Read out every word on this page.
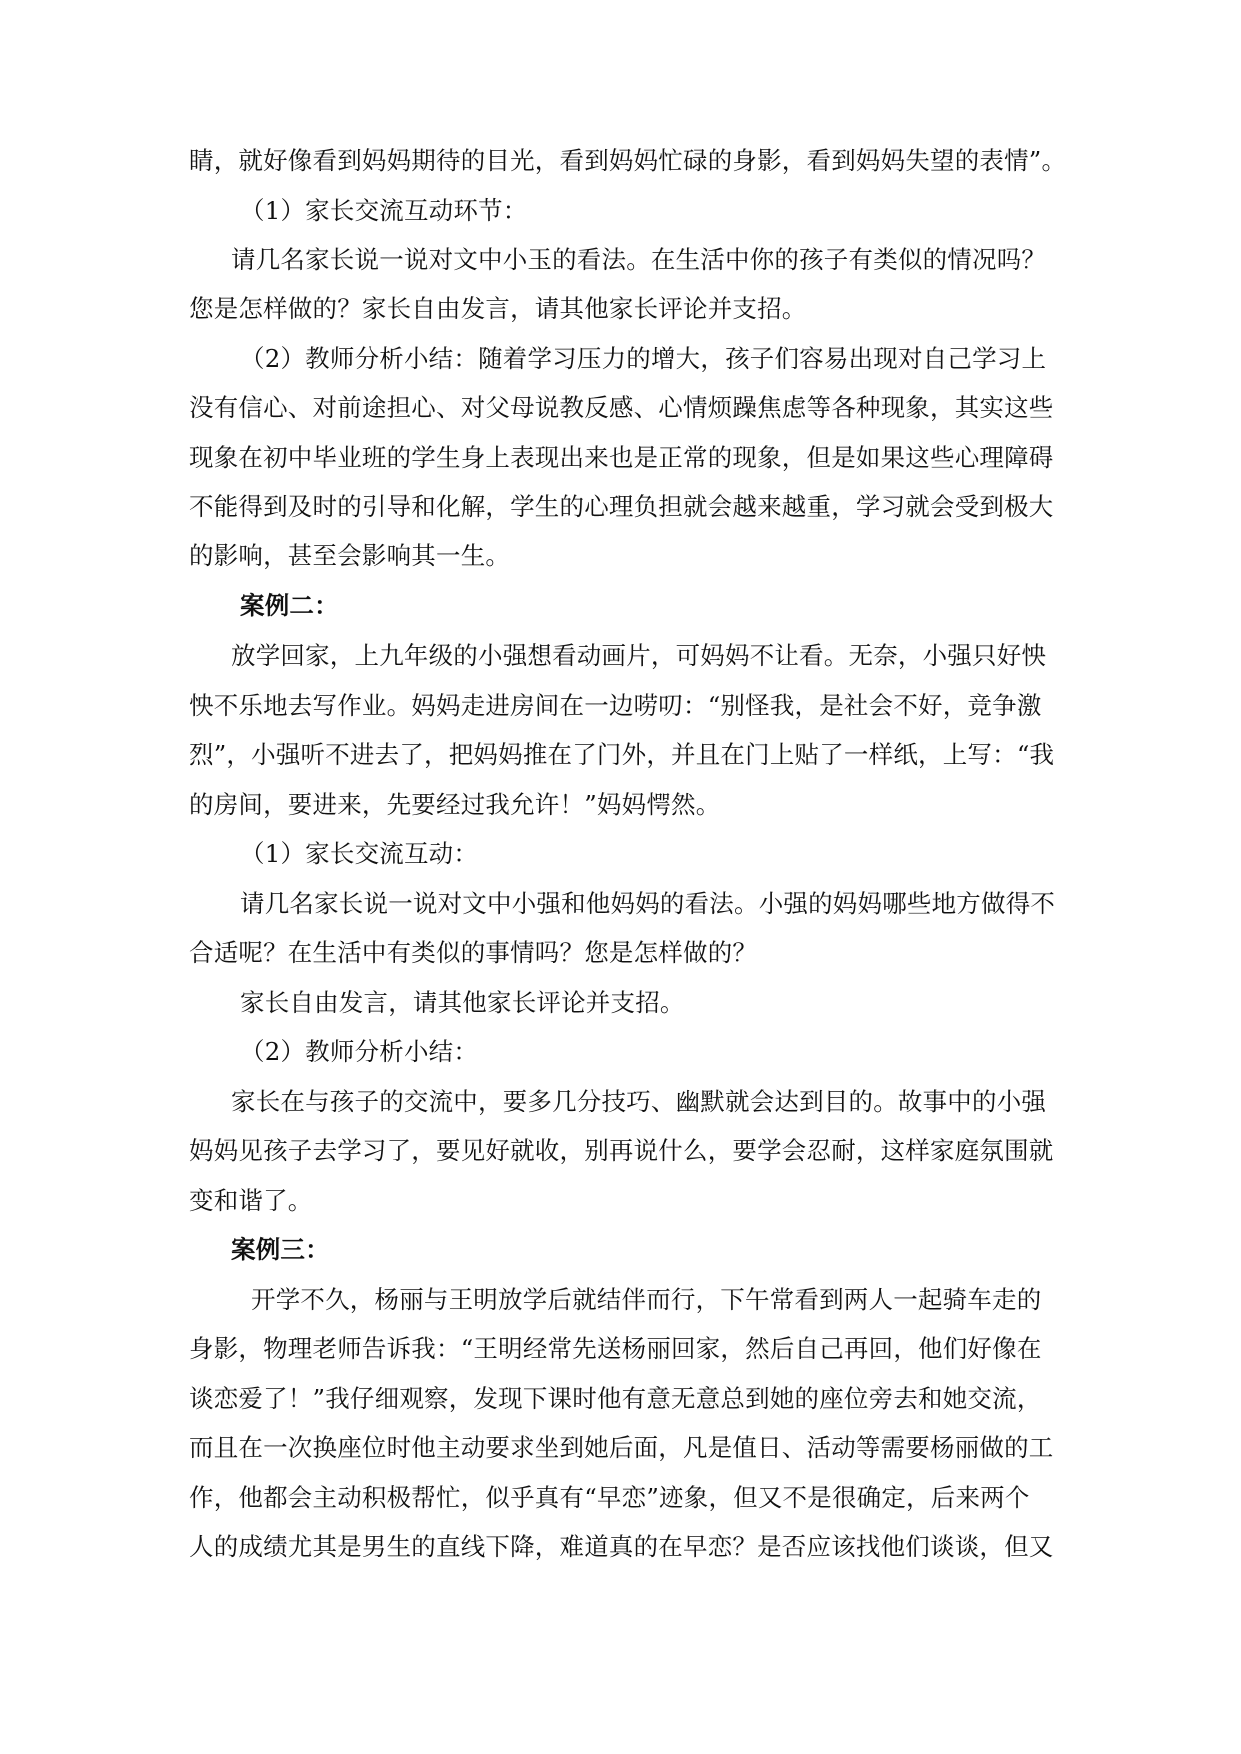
睛，就好像看到妈妈期待的目光，看到妈妈忙碌的身影，看到妈妈失望的表情”。
（1）家长交流互动环节：
请几名家长说一说对文中小玉的看法。在生活中你的孩子有类似的情况吗？
您是怎样做的？家长自由发言，请其他家长评论并支招。
（2）教师分析小结：随着学习压力的增大，孩子们容易出现对自己学习上
没有信心、对前途担心、对父母说教反感、心情烦躁焦虑等各种现象，其实这些
现象在初中毕业班的学生身上表现出来也是正常的现象，但是如果这些心理障碍
不能得到及时的引导和化解，学生的心理负担就会越来越重，学习就会受到极大
的影响，甚至会影响其一生。
案例二：
放学回家，上九年级的小强想看动画片，可妈妈不让看。无奈，小强只好怏
怏不乐地去写作业。妈妈走进房间在一边唠叨：“别怪我，是社会不好，竞争激
烈”，小强听不进去了，把妈妈推在了门外，并且在门上贴了一样纸，上写：“我
的房间，要进来，先要经过我允许！”妈妈愕然。
（1）家长交流互动：
请几名家长说一说对文中小强和他妈妈的看法。小强的妈妈哪些地方做得不
合适呢？在生活中有类似的事情吗？您是怎样做的？
家长自由发言，请其他家长评论并支招。
（2）教师分析小结：
家长在与孩子的交流中，要多几分技巧、幽默就会达到目的。故事中的小强
妈妈见孩子去学习了，要见好就收，别再说什么，要学会忍耐，这样家庭氛围就
变和谐了。
案例三：
开学不久，杨丽与王明放学后就结伴而行，下午常看到两人一起骑车走的
身影，物理老师告诉我：“王明经常先送杨丽回家，然后自己再回，他们好像在
谈恋爱了！”我仔细观察，发现下课时他有意无意总到她的座位旁去和她交流，
而且在一次换座位时他主动要求坐到她后面，凡是值日、活动等需要杨丽做的工
作，他都会主动积极帮忙，似乎真有“早恋”迹象，但又不是很确定，后来两个
人的成绩尤其是男生的直线下降，难道真的在早恋？是否应该找他们谈谈，但又
